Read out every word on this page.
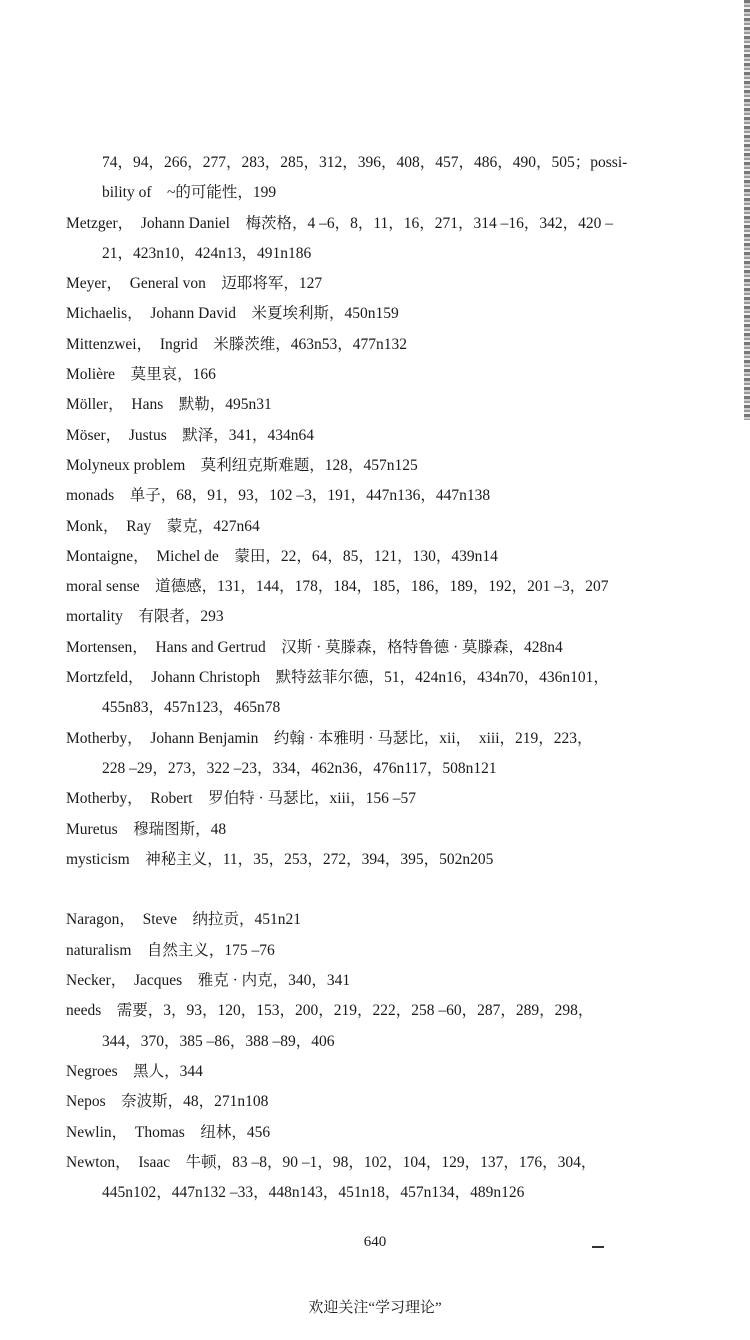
74，94，266，277，283，285，312，396，408，457，486，490，505；possi-
bility of　~的可能性，199
Metzger，　Johann Daniel　梅茨格，4 –6，8，11，16，271，314 –16，342，420 –
21，423n10，424n13，491n186
Meyer，　General von　迈耶将军，127
Michaelis，　Johann David　米夏埃利斯，450n159
Mittenzwei，　Ingrid　米滕茨维，463n53，477n132
Molière　莫里哀，166
Möller，　Hans　默勒，495n31
Möser，　Justus　默泽，341，434n64
Molyneux problem　莫利纽克斯难题，128，457n125
monads　单子，68，91，93，102 –3，191，447n136，447n138
Monk，　Ray　蒙克，427n64
Montaigne，　Michel de　蒙田，22，64，85，121，130，439n14
moral sense　道德感，131，144，178，184，185，186，189，192，201 –3，207
mortality　有限者，293
Mortensen，　Hans and Gertrud　汉斯 · 莫滕森，格特鲁德 · 莫滕森，428n4
Mortzfeld，　Johann Christoph　默特兹菲尔德，51，424n16，434n70，436n101，
455n83，457n123，465n78
Motherby，　Johann Benjamin　约翰 · 本雅明 · 马瑟比，xii，　xiii，219，223，
228 –29，273，322 –23，334，462n36，476n117，508n121
Motherby，　Robert　罗伯特 · 马瑟比，xiii，156 –57
Muretus　穆瑞图斯，48
mysticism　神秘主义，11，35，253，272，394，395，502n205
Naragon，　Steve　纳拉贡，451n21
naturalism　自然主义，175 –76
Necker，　Jacques　雅克 · 内克，340，341
needs　需要，3，93，120，153，200，219，222，258 –60，287，289，298，
344，370，385 –86，388 –89，406
Negroes　黑人，344
Nepos　奈波斯，48，271n108
Newlin，　Thomas　纽林，456
Newton，　Isaac　牛顿，83 –8，90 –1，98，102，104，129，137，176，304，
445n102，447n132 –33，448n143，451n18，457n134，489n126
640
欢迎关注“学习理论”
